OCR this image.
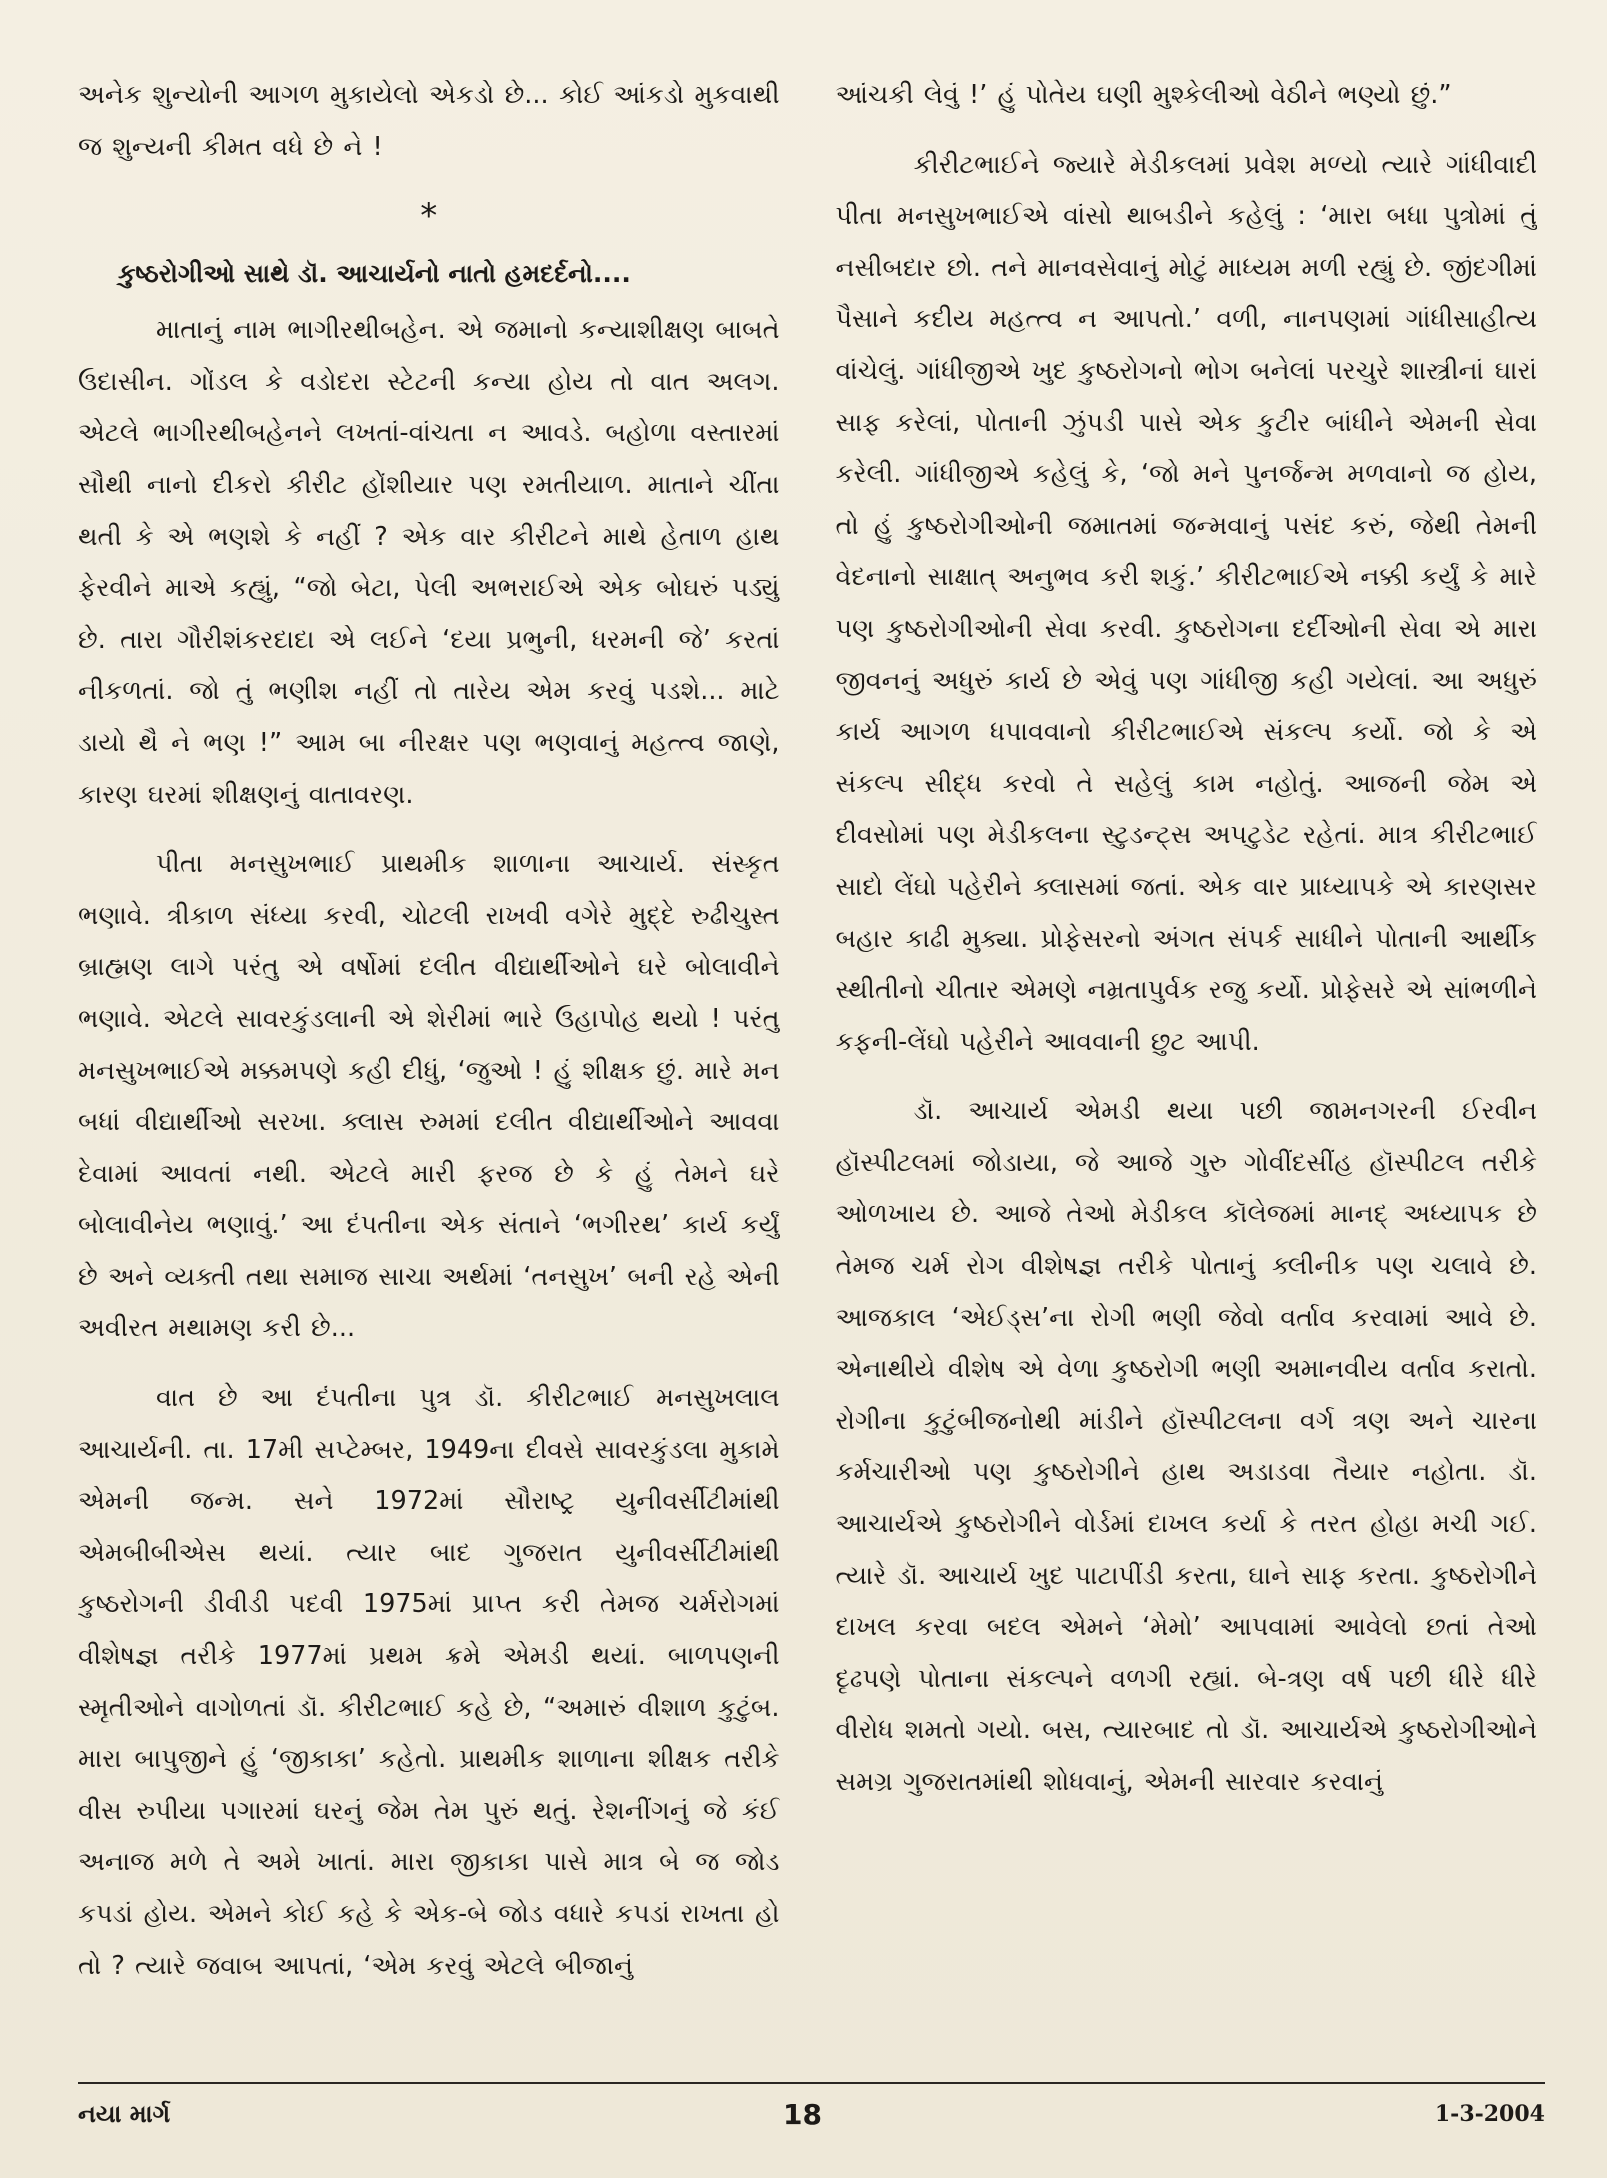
અનેક શુન્યોની આગળ મુકાયેલો એકડો છે... કોઈ આંકડો મુકવાથી જ શુન્યની કીમત વધે છે ને !

*
કુષ્ઠરોગીઓ સાથે ડૉ. આચાર્યનો નાતો હમદર્દનો....

માતાનું નામ ભાગીરથીબહેન. એ જમાનો કન્યાશીક્ષણ બાબતે ઉદાસીન. ગોંડલ કે વડોદરા સ્ટેટની કન્યા હોય તો વાત અલગ. એટલે ભાગીરથીબહેનને લખતાં-વાંચતા ન આવડે. બહોળા વસ્તારમાં સૌથી નાનો દીકરો કીરીટ હોંશીયાર પણ રમતીયાળ. માતાને ચીંતા થતી કે એ ભણશે કે નહીં ? એક વાર કીરીટને માથે હેતાળ હાથ ફેરવીને માએ કહ્યું, “જો બેટા, પેલી અભરાઈએ એક બોઘરું પડ્યું છે. તારા ગૌરીશંકરદાદા એ લઈને ‘દયા પ્રભુની, ધરમની જે’ કરતાં નીકળતાં. જો તું ભણીશ નહીં તો તારેય એમ કરવું પડશે... માટે ડાયો થૈ ને ભણ !” આમ બા નીરક્ષર પણ ભણવાનું મહત્ત્વ જાણે, કારણ ઘરમાં શીક્ષણનું વાતાવરણ.

પીતા મનસુખભાઈ પ્રાથમીક શાળાના આચાર્ય. સંસ્કૃત ભણાવે. ત્રીકાળ સંધ્યા કરવી, ચોટલી રાખવી વગેરે મુદ્દે રુઢીચુસ્ત બ્રાહ્મણ લાગે પરંતુ એ વર્ષોમાં દલીત વીદ્યાર્થીઓને ઘરે બોલાવીને ભણાવે. એટલે સાવરકુંડલાની એ શેરીમાં ભારે ઉહાપોહ થયો ! પરંતુ મનસુખભાઈએ મક્કમપણે કહી દીધું, ‘જુઓ ! હું શીક્ષક છું. મારે મન બધાં વીદ્યાર્થીઓ સરખા. ક્લાસ રુમમાં દલીત વીદ્યાર્થીઓને આવવા દેવામાં આવતાં નથી. એટલે મારી ફરજ છે કે હું તેમને ઘરે બોલાવીનેય ભણાવું.’ આ દંપતીના એક સંતાને ‘ભગીરથ’ કાર્ય કર્યું છે અને વ્યક્તી તથા સમાજ સાચા અર્થમાં ‘તનસુખ’ બની રહે એની અવીરત મથામણ કરી છે...

વાત છે આ દંપતીના પુત્ર ડૉ. કીરીટભાઈ મનસુખલાલ આચાર્યની. તા. 17મી સપ્ટેમ્બર, 1949ના દીવસે સાવરકુંડલા મુકામે એમની જન્મ. સને 1972માં સૌરાષ્ટ્ર યુનીવર્સીટીમાંથી એમબીબીએસ થયાં. ત્યાર બાદ ગુજરાત યુનીવર્સીટીમાંથી કુષ્ઠરોગની ડીવીડી પદવી 1975માં પ્રાપ્ત કરી તેમજ ચર્મરોગમાં વીશેષજ્ઞ તરીકે 1977માં પ્રથમ ક્રમે એમડી થયાં. બાળપણની સ્મૃતીઓને વાગોળતાં ડૉ. કીરીટભાઈ કહે છે, “અમારું વીશાળ કુટુંબ. મારા બાપુજીને હું ‘જીકાકા’ કહેતો. પ્રાથમીક શાળાના શીક્ષક તરીકે વીસ રુપીયા પગારમાં ઘરનું જેમ તેમ પુરું થતું. રેશનીંગનું જે કંઈ અનાજ મળે તે અમે ખાતાં. મારા જીકાકા પાસે માત્ર બે જ જોડ કપડાં હોય. એમને કોઈ કહે કે એક-બે જોડ વધારે કપડાં રાખતા હો તો ? ત્યારે જવાબ આપતાં, ‘એમ કરવું એટલે બીજાનું

આંચકી લેવું !’ હું પોતેય ઘણી મુશ્કેલીઓ વેઠીને ભણ્યો છું.”

કીરીટભાઈને જ્યારે મેડીકલમાં પ્રવેશ મળ્યો ત્યારે ગાંધીવાદી પીતા મનસુખભાઈએ વાંસો થાબડીને કહેલું : ‘મારા બધા પુત્રોમાં તું નસીબદાર છો. તને માનવસેવાનું મોટું માધ્યમ મળી રહ્યું છે. જીંદગીમાં પૈસાને કદીય મહત્ત્વ ન આપતો.’ વળી, નાનપણમાં ગાંધીસાહીત્ય વાંચેલું. ગાંધીજીએ ખુદ કુષ્ઠરોગનો ભોગ બનેલાં પરચુરે શાસ્ત્રીનાં ઘારાં સાફ કરેલાં, પોતાની ઝુંપડી પાસે એક કુટીર બાંધીને એમની સેવા કરેલી. ગાંધીજીએ કહેલું કે, ‘જો મને પુનર્જન્મ મળવાનો જ હોય, તો હું કુષ્ઠરોગીઓની જમાતમાં જન્મવાનું પસંદ કરું, જેથી તેમની વેદનાનો સાક્ષાત્ અનુભવ કરી શકું.’ કીરીટભાઈએ નક્કી કર્યું કે મારે પણ કુષ્ઠરોગીઓની સેવા કરવી. કુષ્ઠરોગના દર્દીઓની સેવા એ મારા જીવનનું અધુરું કાર્ય છે એવું પણ ગાંધીજી કહી ગયેલાં. આ અધુરું કાર્ય આગળ ધપાવવાનો કીરીટભાઈએ સંકલ્પ કર્યો. જો કે એ સંકલ્પ સીદ્ધ કરવો તે સહેલું કામ નહોતું. આજની જેમ એ દીવસોમાં પણ મેડીકલના સ્ટુડન્ટ્સ અપટુડેટ રહેતાં. માત્ર કીરીટભાઈ સાદો લેંઘો પહેરીને ક્લાસમાં જતાં. એક વાર પ્રાધ્યાપકે એ કારણસર બહાર કાઢી મુક્યા. પ્રોફેસરનો અંગત સંપર્ક સાધીને પોતાની આર્થીક સ્થીતીનો ચીતાર એમણે નમ્રતાપુર્વક રજુ કર્યો. પ્રોફેસરે એ સાંભળીને કફની-લેંઘો પહેરીને આવવાની છુટ આપી.

ડૉ. આચાર્ય એમડી થયા પછી જામનગરની ઈરવીન હૉસ્પીટલમાં જોડાયા, જે આજે ગુરુ ગોવીંદસીંહ હૉસ્પીટલ તરીકે ઓળખાય છે. આજે તેઓ મેડીકલ કૉલેજમાં માનદ્ અધ્યાપક છે તેમજ ચર્મ રોગ વીશેષજ્ઞ તરીકે પોતાનું ક્લીનીક પણ ચલાવે છે. આજકાલ ‘એઈડ્સ’ના રોગી ભણી જેવો વર્તાવ કરવામાં આવે છે. એનાથીયે વીશેષ એ વેળા કુષ્ઠરોગી ભણી અમાનવીય વર્તાવ કરાતો. રોગીના કુટુંબીજનોથી માંડીને હૉસ્પીટલના વર્ગ ત્રણ અને ચારના કર્મચારીઓ પણ કુષ્ઠરોગીને હાથ અડાડવા તૈયાર નહોતા. ડૉ. આચાર્યએ કુષ્ઠરોગીને વોર્ડમાં દાખલ કર્યા કે તરત હોહા મચી ગઈ. ત્યારે ડૉ. આચાર્ય ખુદ પાટાપીંડી કરતા, ઘાને સાફ કરતા. કુષ્ઠરોગીને દાખલ કરવા બદલ એમને ‘મેમો’ આપવામાં આવેલો છતાં તેઓ દૃઢપણે પોતાના સંકલ્પને વળગી રહ્યાં. બે-ત્રણ વર્ષ પછી ધીરે ધીરે વીરોધ શમતો ગયો. બસ, ત્યારબાદ તો ડૉ. આચાર્યએ કુષ્ઠરોગીઓને સમગ્ર ગુજરાતમાંથી શોધવાનું, એમની સારવાર કરવાનું

નયા માર્ગ	18	1-3-2004
